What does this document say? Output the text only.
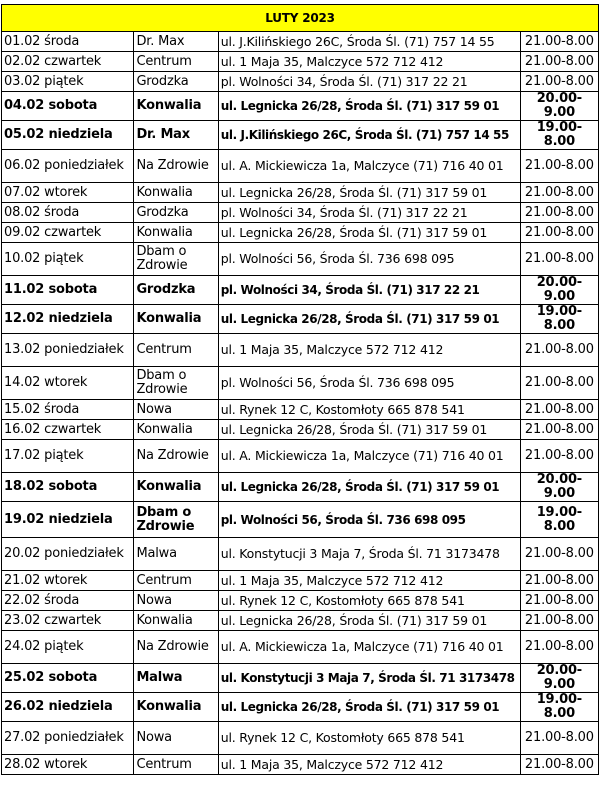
LUTY 2023			
01.02 środa	Dr. Max	ul. J.Kilińskiego 26C, Środa Śl. (71) 757 14 55	21.00-8.00
02.02 czwartek	Centrum	ul. 1 Maja 35, Malczyce 572 712 412	21.00-8.00
03.02 piątek	Grodzka	pl. Wolności 34, Środa Śl. (71) 317 22 21	21.00-8.00
04.02 sobota	Konwalia	ul. Legnicka 26/28, Środa Śl. (71) 317 59 01	20.00-9.00
05.02 niedziela	Dr. Max	ul. J.Kilińskiego 26C, Środa Śl. (71) 757 14 55	19.00-8.00
06.02 poniedziałek	Na Zdrowie	ul. A. Mickiewicza 1a, Malczyce (71) 716 40 01	21.00-8.00
07.02 wtorek	Konwalia	ul. Legnicka 26/28, Środa Śl. (71) 317 59 01	21.00-8.00
08.02 środa	Grodzka	pl. Wolności 34, Środa Śl. (71) 317 22 21	21.00-8.00
09.02 czwartek	Konwalia	ul. Legnicka 26/28, Środa Śl. (71) 317 59 01	21.00-8.00
10.02 piątek	Dbam o Zdrowie	pl. Wolności 56, Środa Śl. 736 698 095	21.00-8.00
11.02 sobota	Grodzka	pl. Wolności 34, Środa Śl. (71) 317 22 21	20.00-9.00
12.02 niedziela	Konwalia	ul. Legnicka 26/28, Środa Śl. (71) 317 59 01	19.00-8.00
13.02 poniedziałek	Centrum	ul. 1 Maja 35, Malczyce 572 712 412	21.00-8.00
14.02 wtorek	Dbam o Zdrowie	pl. Wolności 56, Środa Śl. 736 698 095	21.00-8.00
15.02 środa	Nowa	ul. Rynek 12 C, Kostomłoty 665 878 541	21.00-8.00
16.02 czwartek	Konwalia	ul. Legnicka 26/28, Środa Śl. (71) 317 59 01	21.00-8.00
17.02 piątek	Na Zdrowie	ul. A. Mickiewicza 1a, Malczyce (71) 716 40 01	21.00-8.00
18.02 sobota	Konwalia	ul. Legnicka 26/28, Środa Śl. (71) 317 59 01	20.00-9.00
19.02 niedziela	Dbam o Zdrowie	pl. Wolności 56, Środa Śl. 736 698 095	19.00-8.00
20.02 poniedziałek	Malwa	ul. Konstytucji 3 Maja 7, Środa Śl. 71 3173478	21.00-8.00
21.02 wtorek	Centrum	ul. 1 Maja 35, Malczyce 572 712 412	21.00-8.00
22.02 środa	Nowa	ul. Rynek 12 C, Kostomłoty 665 878 541	21.00-8.00
23.02 czwartek	Konwalia	ul. Legnicka 26/28, Środa Śl. (71) 317 59 01	21.00-8.00
24.02 piątek	Na Zdrowie	ul. A. Mickiewicza 1a, Malczyce (71) 716 40 01	21.00-8.00
25.02 sobota	Malwa	ul. Konstytucji 3 Maja 7, Środa Śl. 71 3173478	20.00-9.00
26.02 niedziela	Konwalia	ul. Legnicka 26/28, Środa Śl. (71) 317 59 01	19.00-8.00
27.02 poniedziałek	Nowa	ul. Rynek 12 C, Kostomłoty 665 878 541	21.00-8.00
28.02 wtorek	Centrum	ul. 1 Maja 35, Malczyce 572 712 412	21.00-8.00
